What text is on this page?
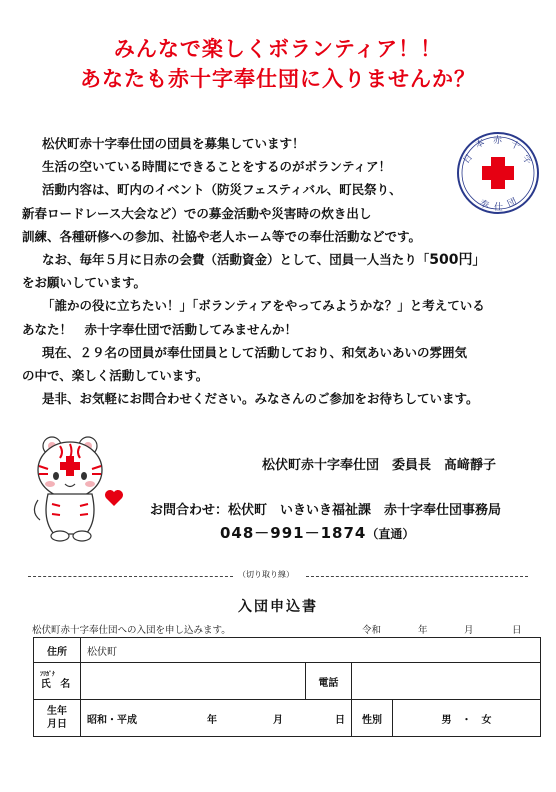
みんなで楽しくボランティア！！
あなたも赤十字奉仕団に入りませんか？
日
本 赤 十
字
奉 仕 団
松伏町赤十字奉仕団の団員を募集しています！
生活の空いている時間にできることをするのがボランティア！
活動内容は、町内のイベント（防災フェスティバル、町民祭り、
新春ロードレース大会など）での募金活動や災害時の炊き出し
訓練、各種研修への参加、社協や老人ホーム等での奉仕活動などです。
なお、毎年５月に日赤の会費（活動資金）として、団員一人当たり「500円」
をお願いしています。
「誰かの役に立ちたい！」「ボランティアをやってみようかな？」と考えている
あなた！　赤十字奉仕団で活動してみませんか！
現在、２９名の団員が奉仕団員として活動しており、和気あいあいの雰囲気
の中で、楽しく活動しています。
是非、お気軽にお問合わせください。みなさんのご参加をお待ちしています。
松伏町赤十字奉仕団　委員長　髙﨑靜子
お問合わせ：松伏町　いきいき福祉課　赤十字奉仕団事務局
048－991－1874（直通）
（切り取り線）
入団申込書
松伏町赤十字奉仕団への入団を申し込みます。	令和	年	月	日
住所	松伏町			

ﾌﾘｶﾞﾅ
氏 名		電話		

生年
月日	昭和・平成 年 月 日		性別	男　・　女
